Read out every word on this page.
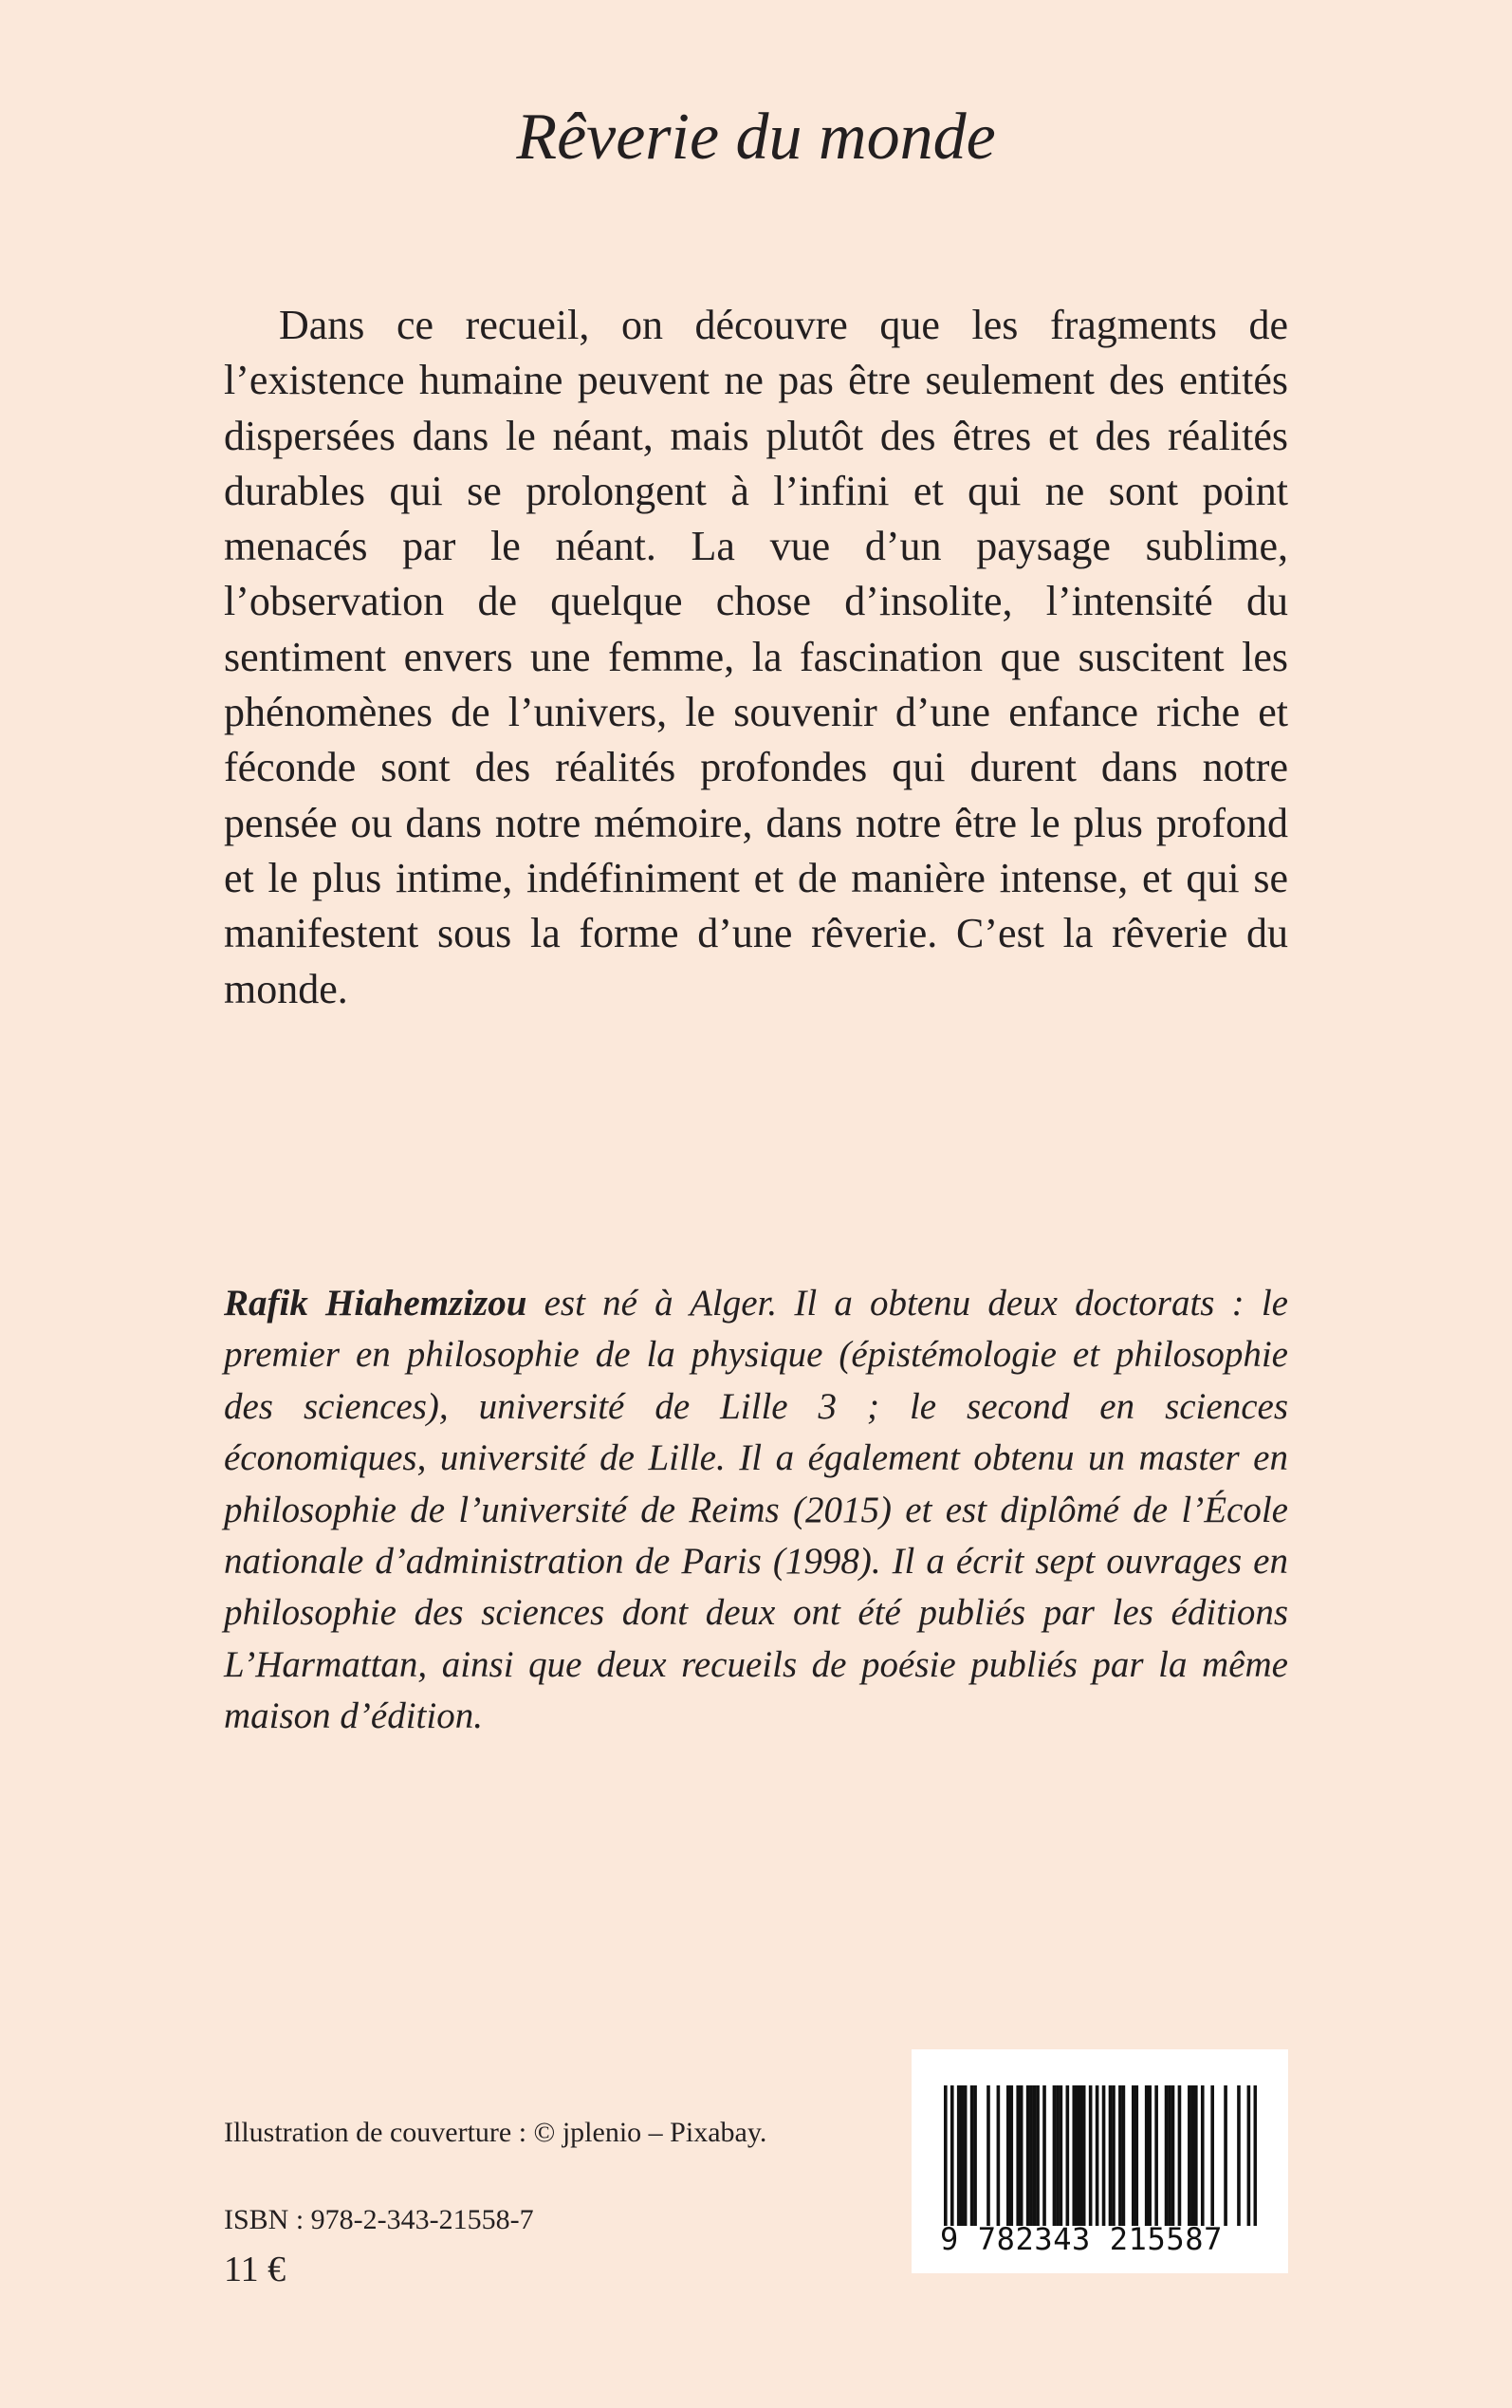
Rêverie du monde

Dans ce recueil, on découvre que les fragments de l’existence humaine peuvent ne pas être seulement des entités dispersées dans le néant, mais plutôt des êtres et des réalités durables qui se prolongent à l’infini et qui ne sont point menacés par le néant. La vue d’un paysage sublime, l’observation de quelque chose d’insolite, l’intensité du sentiment envers une femme, la fascination que suscitent les phénomènes de l’univers, le souvenir d’une enfance riche et féconde sont des réalités profondes qui durent dans notre pensée ou dans notre mémoire, dans notre être le plus profond et le plus intime, indéfiniment et de manière intense, et qui se manifestent sous la forme d’une rêverie. C’est la rêverie du monde.

Rafik Hiahemzizou est né à Alger. Il a obtenu deux doctorats : le premier en philosophie de la physique (épistémologie et philosophie des sciences), université de Lille 3 ; le second en sciences économiques, université de Lille. Il a également obtenu un master en philosophie de l’université de Reims (2015) et est diplômé de l’École nationale d’administration de Paris (1998). Il a écrit sept ouvrages en philosophie des sciences dont deux ont été publiés par les éditions L’Harmattan, ainsi que deux recueils de poésie publiés par la même maison d’édition.

Illustration de couverture : © jplenio – Pixabay.
ISBN : 978-2-343-21558-7
11 €
9 782343 215587
